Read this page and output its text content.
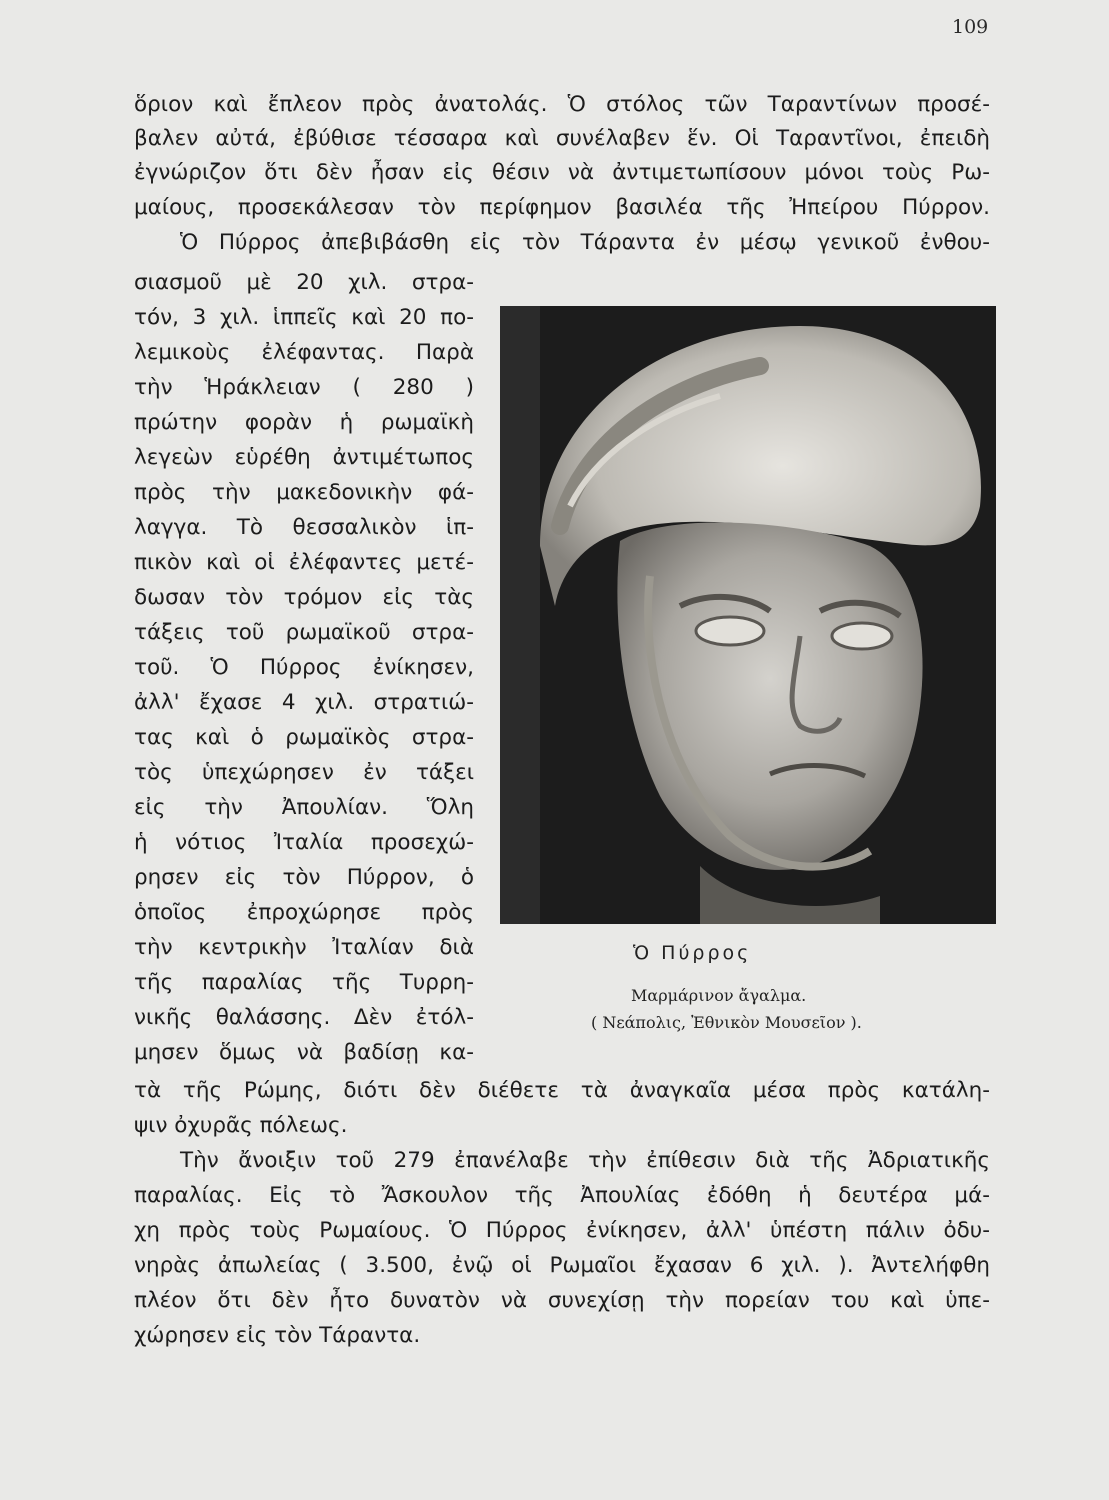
109
ὅριον καὶ ἔπλεον πρὸς ἀνατολάς. Ὁ στόλος τῶν Ταραντίνων προσέ-
βαλεν αὐτά, ἐβύθισε τέσσαρα καὶ συνέλαβεν ἕν. Οἱ Ταραντῖνοι, ἐπειδὴ
ἐγνώριζον ὅτι δὲν ἦσαν εἰς θέσιν νὰ ἀντιμετωπίσουν μόνοι τοὺς Ρω-
μαίους, προσεκάλεσαν τὸν περίφημον βασιλέα τῆς Ἠπείρου Πύρρον.
Ὁ Πύρρος ἀπεβιβάσθη εἰς τὸν Τάραντα ἐν μέσῳ γενικοῦ ἐνθου-
σιασμοῦ μὲ 20 χιλ. στρα-
τόν, 3 χιλ. ἱππεῖς καὶ 20 πο-
λεμικοὺς ἐλέφαντας. Παρὰ
τὴν Ἡράκλειαν ( 280 )
πρώτην φορὰν ἡ ρωμαϊκὴ
λεγεὼν εὑρέθη ἀντιμέτωπος
πρὸς τὴν μακεδονικὴν φά-
λαγγα. Τὸ θεσσαλικὸν ἱπ-
πικὸν καὶ οἱ ἐλέφαντες μετέ-
δωσαν τὸν τρόμον εἰς τὰς
τάξεις τοῦ ρωμαϊκοῦ στρα-
τοῦ. Ὁ Πύρρος ἐνίκησεν,
ἀλλ' ἔχασε 4 χιλ. στρατιώ-
τας καὶ ὁ ρωμαϊκὸς στρα-
τὸς ὑπεχώρησεν ἐν τάξει
εἰς τὴν Ἀπουλίαν. Ὅλη
ἡ νότιος Ἰταλία προσεχώ-
ρησεν εἰς τὸν Πύρρον, ὁ
ὁποῖος ἐπροχώρησε πρὸς
τὴν κεντρικὴν Ἰταλίαν διὰ
τῆς παραλίας τῆς Τυρρη-
νικῆς θαλάσσης. Δὲν ἐτόλ-
μησεν ὅμως νὰ βαδίσῃ κα-
τὰ τῆς Ρώμης, διότι δὲν διέθετε τὰ ἀναγκαῖα μέσα πρὸς κατάλη-
ψιν ὀχυρᾶς πόλεως.
Τὴν ἄνοιξιν τοῦ 279 ἐπανέλαβε τὴν ἐπίθεσιν διὰ τῆς Ἀδριατικῆς
παραλίας. Εἰς τὸ Ἄσκουλον τῆς Ἀπουλίας ἐδόθη ἡ δευτέρα μά-
χη πρὸς τοὺς Ρωμαίους. Ὁ Πύρρος ἐνίκησεν, ἀλλ' ὑπέστη πάλιν ὀδυ-
νηρὰς ἀπωλείας ( 3.500, ἐνῷ οἱ Ρωμαῖοι ἔχασαν 6 χιλ. ). Ἀντελήφθη
πλέον ὅτι δὲν ἦτο δυνατὸν νὰ συνεχίσῃ τὴν πορείαν του καὶ ὑπε-
χώρησεν εἰς τὸν Τάραντα.
Ὁ Πύρρος
Μαρμάρινον ἄγαλμα.
( Νεάπολις, Ἐθνικὸν Μουσεῖον ).
